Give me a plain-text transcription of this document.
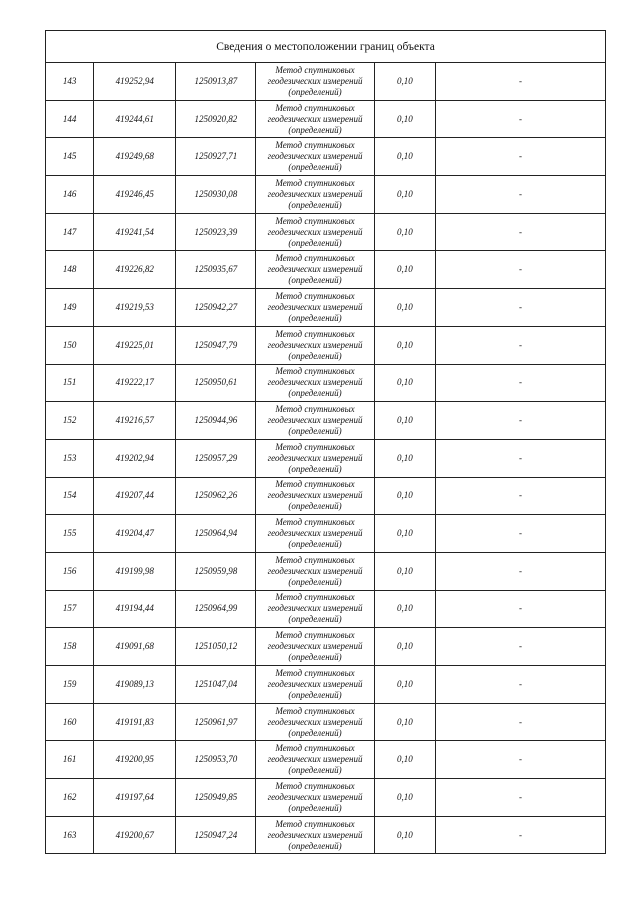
Сведения о местоположении границ объекта					
143	419252,94	1250913,87	Метод спутниковых
геодезических измерений
(определений)	0,10	-
144	419244,61	1250920,82	Метод спутниковых
геодезических измерений
(определений)	0,10	-
145	419249,68	1250927,71	Метод спутниковых
геодезических измерений
(определений)	0,10	-
146	419246,45	1250930,08	Метод спутниковых
геодезических измерений
(определений)	0,10	-
147	419241,54	1250923,39	Метод спутниковых
геодезических измерений
(определений)	0,10	-
148	419226,82	1250935,67	Метод спутниковых
геодезических измерений
(определений)	0,10	-
149	419219,53	1250942,27	Метод спутниковых
геодезических измерений
(определений)	0,10	-
150	419225,01	1250947,79	Метод спутниковых
геодезических измерений
(определений)	0,10	-
151	419222,17	1250950,61	Метод спутниковых
геодезических измерений
(определений)	0,10	-
152	419216,57	1250944,96	Метод спутниковых
геодезических измерений
(определений)	0,10	-
153	419202,94	1250957,29	Метод спутниковых
геодезических измерений
(определений)	0,10	-
154	419207,44	1250962,26	Метод спутниковых
геодезических измерений
(определений)	0,10	-
155	419204,47	1250964,94	Метод спутниковых
геодезических измерений
(определений)	0,10	-
156	419199,98	1250959,98	Метод спутниковых
геодезических измерений
(определений)	0,10	-
157	419194,44	1250964,99	Метод спутниковых
геодезических измерений
(определений)	0,10	-
158	419091,68	1251050,12	Метод спутниковых
геодезических измерений
(определений)	0,10	-
159	419089,13	1251047,04	Метод спутниковых
геодезических измерений
(определений)	0,10	-
160	419191,83	1250961,97	Метод спутниковых
геодезических измерений
(определений)	0,10	-
161	419200,95	1250953,70	Метод спутниковых
геодезических измерений
(определений)	0,10	-
162	419197,64	1250949,85	Метод спутниковых
геодезических измерений
(определений)	0,10	-
163	419200,67	1250947,24	Метод спутниковых
геодезических измерений
(определений)	0,10	-
